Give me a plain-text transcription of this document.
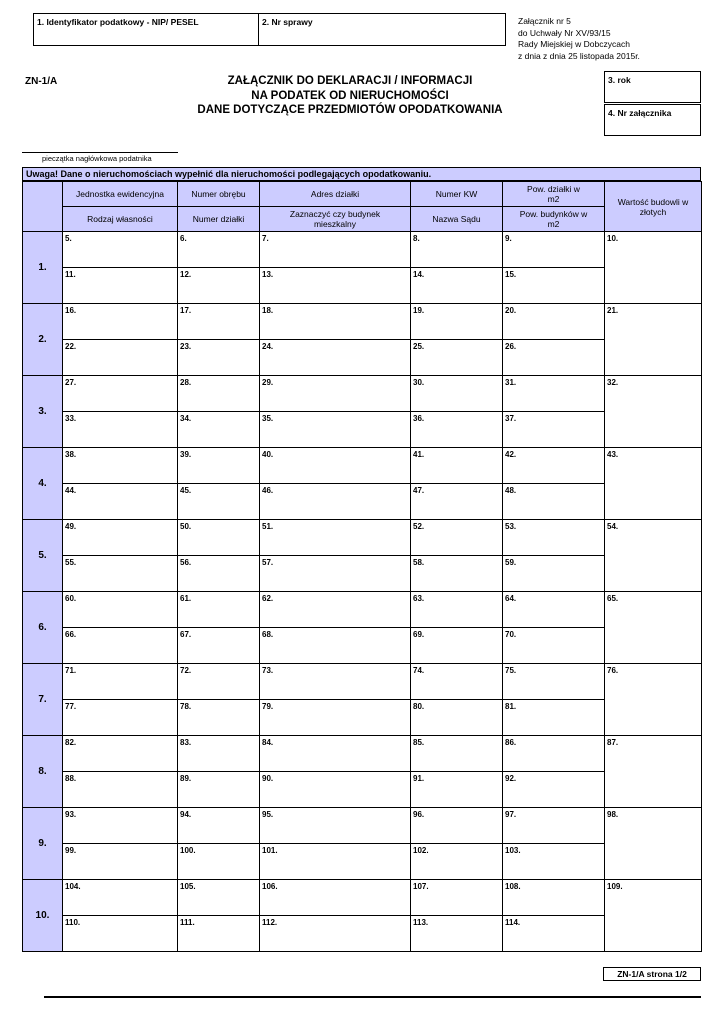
1. Identyfikator podatkowy - NIP/ PESEL	2. Nr sprawy	Załącznik nr 5
do Uchwały Nr XV/93/15
Rady Miejskiej w Dobczycach
z dnia z dnia 25 listopada 2015r.
ZN-1/A	ZAŁĄCZNIK DO DEKLARACJI / INFORMACJI
NA PODATEK OD NIERUCHOMOŚCI
DANE DOTYCZĄCE PRZEDMIOTÓW OPODATKOWANIA
3. rok
4. Nr załącznika
pieczątka nagłówkowa podatnika
Uwaga! Dane o nieruchomościach wypełnić dla nieruchomości podlegających opodatkowaniu.
	Jednostka ewidencyjna	Numer obrębu	Adres działki	Numer KW	Pow. działki w m2	Wartość budowli w złotych
	Rodzaj własności	Numer działki	Zaznaczyć czy budynek mieszkalny	Nazwa Sądu	Pow. budynków w m2	
1.	5.	6.	7.	8.	9.	10.
	11.	12.	13.	14.	15.	
2.	16.	17.	18.	19.	20.	21.
	22.	23.	24.	25.	26.	
3.	27.	28.	29.	30.	31.	32.
	33.	34.	35.	36.	37.	
4.	38.	39.	40.	41.	42.	43.
	44.	45.	46.	47.	48.	
5.	49.	50.	51.	52.	53.	54.
	55.	56.	57.	58.	59.	
6.	60.	61.	62.	63.	64.	65.
	66.	67.	68.	69.	70.	
7.	71.	72.	73.	74.	75.	76.
	77.	78.	79.	80.	81.	
8.	82.	83.	84.	85.	86.	87.
	88.	89.	90.	91.	92.	
9.	93.	94.	95.	96.	97.	98.
	99.	100.	101.	102.	103.	
10.	104.	105.	106.	107.	108.	109.
	110.	111.	112.	113.	114.	
ZN-1/A strona 1/2
